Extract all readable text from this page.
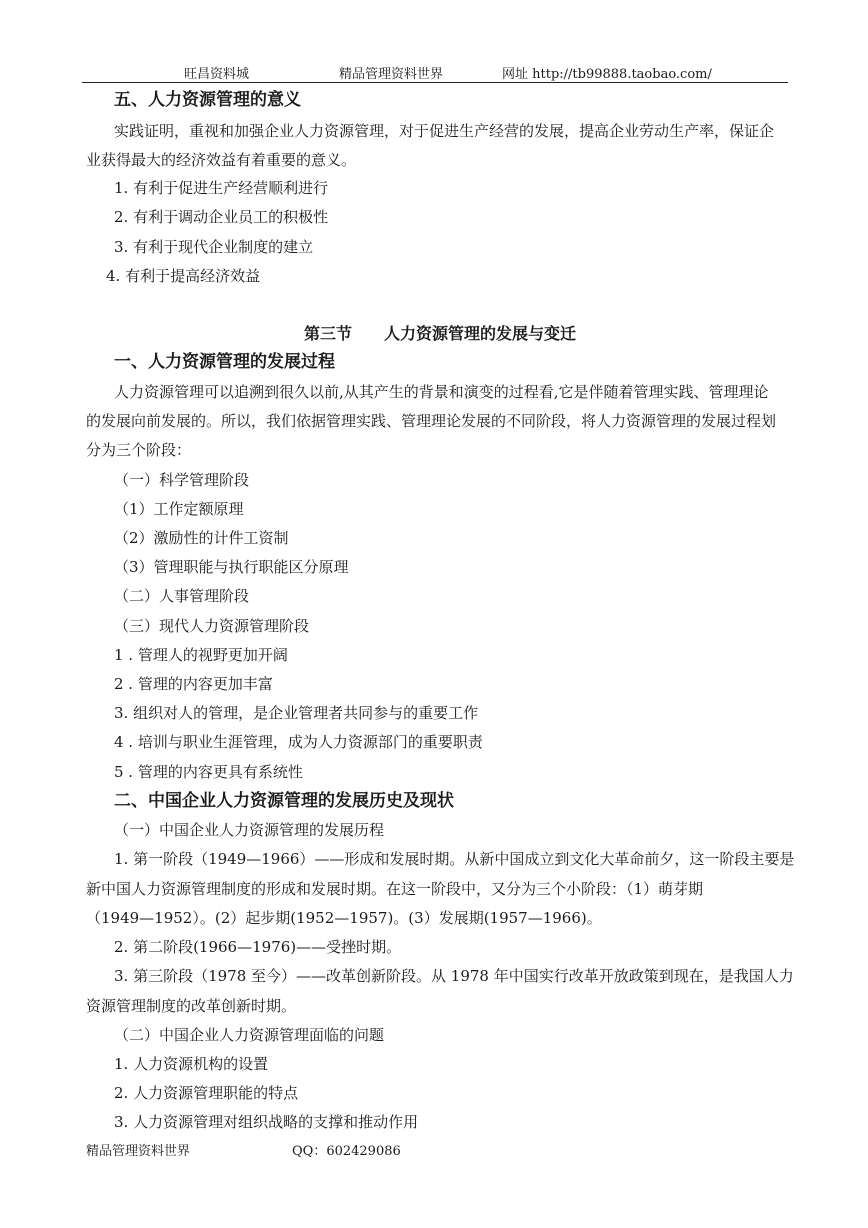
旺昌资料城	精品管理资料世界	网址 http://tb99888.taobao.com/
五、人力资源管理的意义
实践证明，重视和加强企业人力资源管理，对于促进生产经营的发展，提高企业劳动生产率，保证企
业获得最大的经济效益有着重要的意义。
1. 有利于促进生产经营顺利进行
2. 有利于调动企业员工的积极性
3. 有利于现代企业制度的建立
4. 有利于提高经济效益
第三节　　人力资源管理的发展与变迁
一、人力资源管理的发展过程
人力资源管理可以追溯到很久以前,从其产生的背景和演变的过程看,它是伴随着管理实践、管理理论
的发展向前发展的。所以，我们依据管理实践、管理理论发展的不同阶段，将人力资源管理的发展过程划
分为三个阶段：
（一）科学管理阶段
（1）工作定额原理
（2）激励性的计件工资制
（3）管理职能与执行职能区分原理
（二）人事管理阶段
（三）现代人力资源管理阶段
1 . 管理人的视野更加开阔
2 . 管理的内容更加丰富
3. 组织对人的管理，是企业管理者共同参与的重要工作
4 . 培训与职业生涯管理，成为人力资源部门的重要职责
5 . 管理的内容更具有系统性
二、中国企业人力资源管理的发展历史及现状
（一）中国企业人力资源管理的发展历程
1. 第一阶段（1949—1966）——形成和发展时期。从新中国成立到文化大革命前夕，这一阶段主要是
新中国人力资源管理制度的形成和发展时期。在这一阶段中，又分为三个小阶段：（1）萌芽期
（1949—1952）。(2）起步期(1952—1957)。(3）发展期(1957—1966)。
2. 第二阶段(1966—1976)——受挫时期。
3. 第三阶段（1978 至今）——改革创新阶段。从 1978 年中国实行改革开放政策到现在，是我国人力
资源管理制度的改革创新时期。
（二）中国企业人力资源管理面临的问题
1. 人力资源机构的设置
2. 人力资源管理职能的特点
3. 人力资源管理对组织战略的支撑和推动作用
精品管理资料世界	QQ：602429086
